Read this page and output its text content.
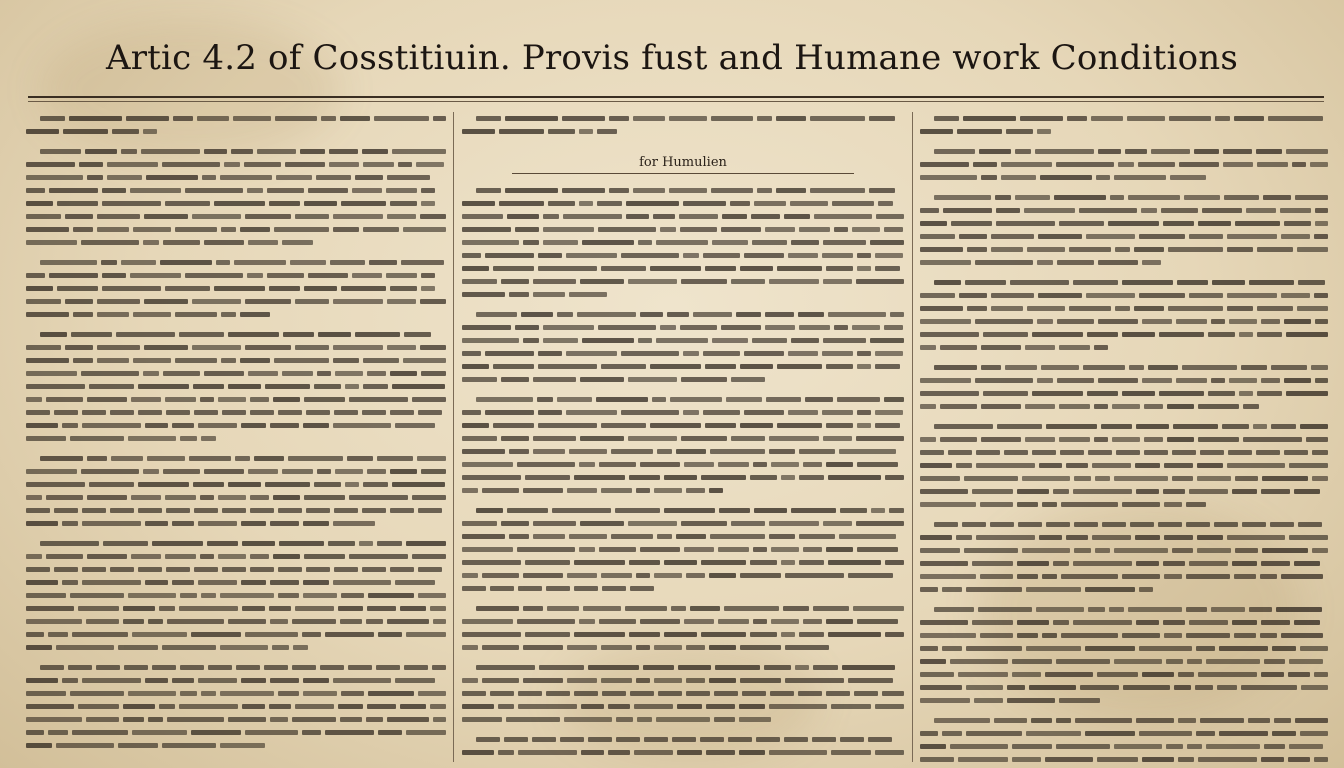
Artic 4.2 of Cosstitiuin. Provis fust and Humane work Conditions
for Humulien
